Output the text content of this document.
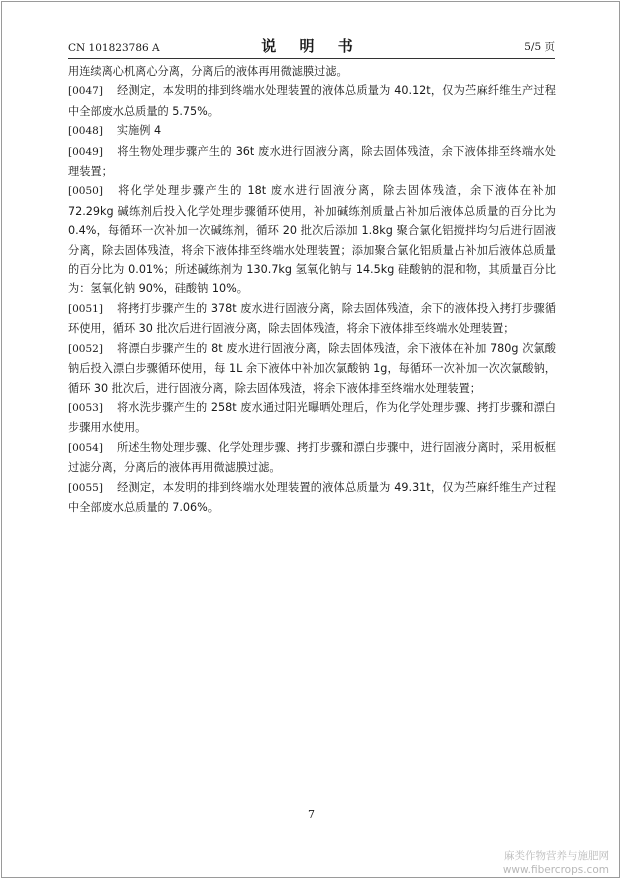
CN 101823786 A	说 明 书	5/5 页

用连续离心机离心分离，分离后的液体再用微滤膜过滤。

[0047] 经测定，本发明的排到终端水处理装置的液体总质量为 40.12t，仅为苎麻纤维生产过程中全部废水总质量的 5.75%。

[0048] 实施例 4

[0049] 将生物处理步骤产生的 36t 废水进行固液分离，除去固体残渣，余下液体排至终端水处理装置；

[0050] 将化学处理步骤产生的 18t 废水进行固液分离，除去固体残渣，余下液体在补加 72.29kg 碱练剂后投入化学处理步骤循环使用，补加碱练剂质量占补加后液体总质量的百分比为 0.4%，每循环一次补加一次碱练剂，循环 20 批次后添加 1.8kg 聚合氯化铝搅拌均匀后进行固液分离，除去固体残渣，将余下液体排至终端水处理装置；添加聚合氯化铝质量占补加后液体总质量的百分比为 0.01%；所述碱练剂为 130.7kg 氢氧化钠与 14.5kg 硅酸钠的混和物，其质量百分比为：氢氧化钠 90%，硅酸钠 10%。

[0051] 将拷打步骤产生的 378t 废水进行固液分离，除去固体残渣，余下的液体投入拷打步骤循环使用，循环 30 批次后进行固液分离，除去固体残渣，将余下液体排至终端水处理装置；

[0052] 将漂白步骤产生的 8t 废水进行固液分离，除去固体残渣，余下液体在补加 780g 次氯酸钠后投入漂白步骤循环使用，每 1L 余下液体中补加次氯酸钠 1g，每循环一次补加一次次氯酸钠，循环 30 批次后，进行固液分离，除去固体残渣，将余下液体排至终端水处理装置；

[0053] 将水洗步骤产生的 258t 废水通过阳光曝晒处理后，作为化学处理步骤、拷打步骤和漂白步骤用水使用。

[0054] 所述生物处理步骤、化学处理步骤、拷打步骤和漂白步骤中，进行固液分离时，采用板框过滤分离，分离后的液体再用微滤膜过滤。

[0055] 经测定，本发明的排到终端水处理装置的液体总质量为 49.31t，仅为苎麻纤维生产过程中全部废水总质量的 7.06%。

7
麻类作物营养与施肥网
www.fibercrops.com
